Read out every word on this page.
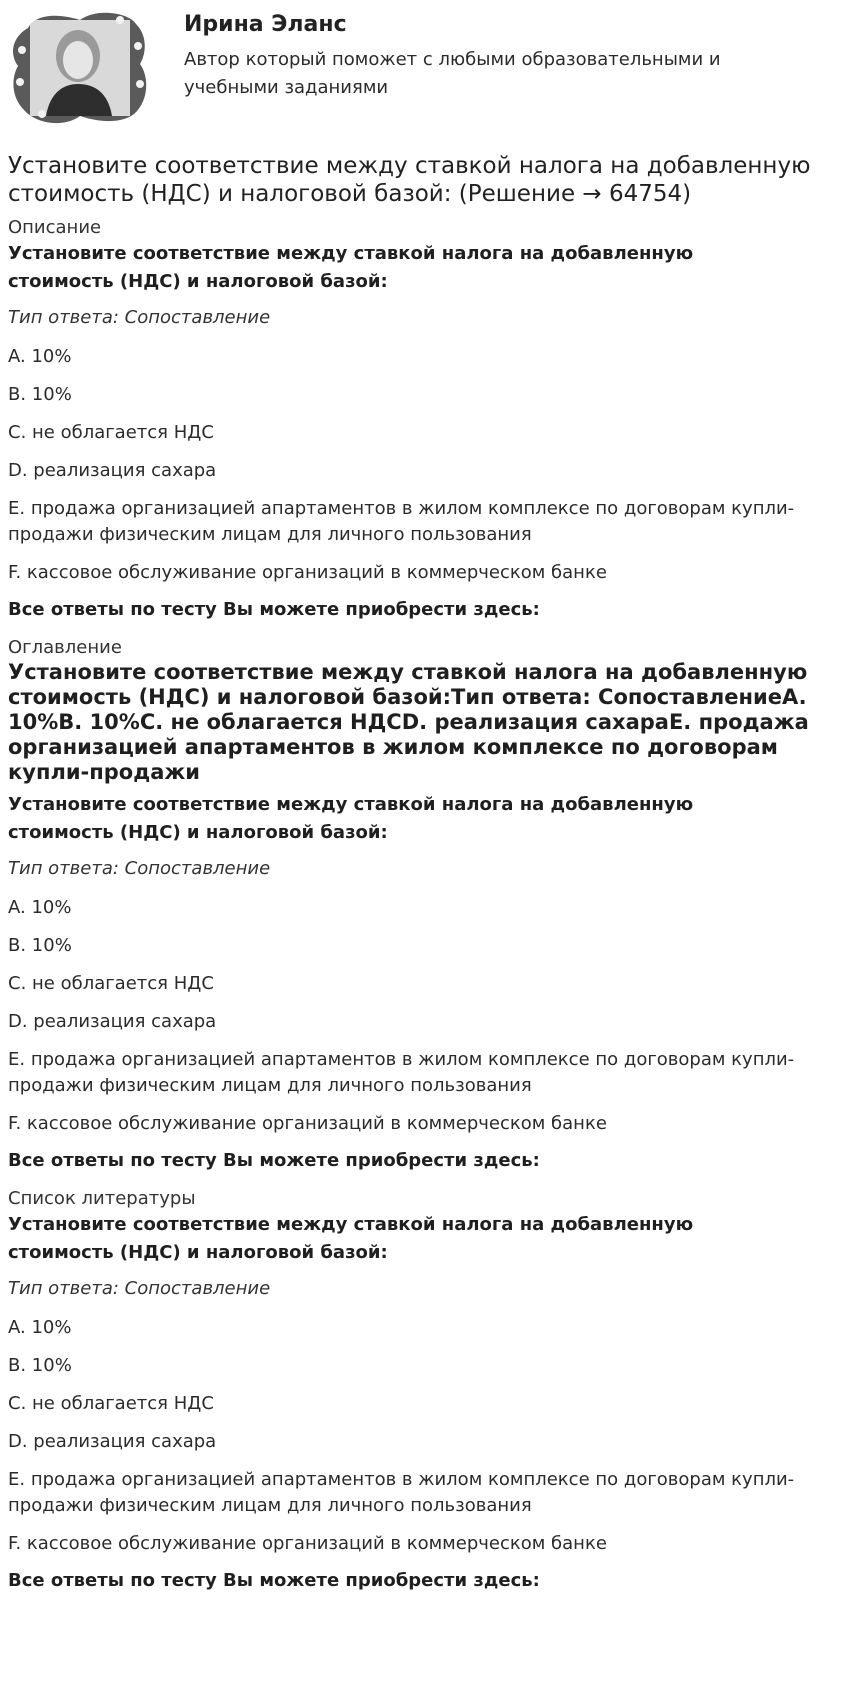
Ирина Эланс
Автор который поможет с любыми образовательными и учебными заданиями
Установите соответствие между ставкой налога на добавленную стоимость (НДС) и налоговой базой: (Решение → 64754)
Описание

Установите соответствие между ставкой налога на добавленную стоимость (НДС) и налоговой базой:

Тип ответа: Сопоставление

A. 10%

B. 10%

C. не облагается НДС

D. реализация сахара

E. продажа организацией апартаментов в жилом комплексе по договорам купли-продажи физическим лицам для личного пользования

F. кассовое обслуживание организаций в коммерческом банке

Все ответы по тесту Вы можете приобрести здесь:

Оглавление
Установите соответствие между ставкой налога на добавленную стоимость (НДС) и налоговой базой:Тип ответа: СопоставлениеA. 10%B. 10%C. не облагается НДСD. реализация сахараE. продажа организацией апартаментов в жилом комплексе по договорам купли-продажи

Установите соответствие между ставкой налога на добавленную стоимость (НДС) и налоговой базой:

Тип ответа: Сопоставление

A. 10%

B. 10%

C. не облагается НДС

D. реализация сахара

E. продажа организацией апартаментов в жилом комплексе по договорам купли-продажи физическим лицам для личного пользования

F. кассовое обслуживание организаций в коммерческом банке

Все ответы по тесту Вы можете приобрести здесь:

Список литературы

Установите соответствие между ставкой налога на добавленную стоимость (НДС) и налоговой базой:

Тип ответа: Сопоставление

A. 10%

B. 10%

C. не облагается НДС

D. реализация сахара

E. продажа организацией апартаментов в жилом комплексе по договорам купли-продажи физическим лицам для личного пользования

F. кассовое обслуживание организаций в коммерческом банке

Все ответы по тесту Вы можете приобрести здесь:
